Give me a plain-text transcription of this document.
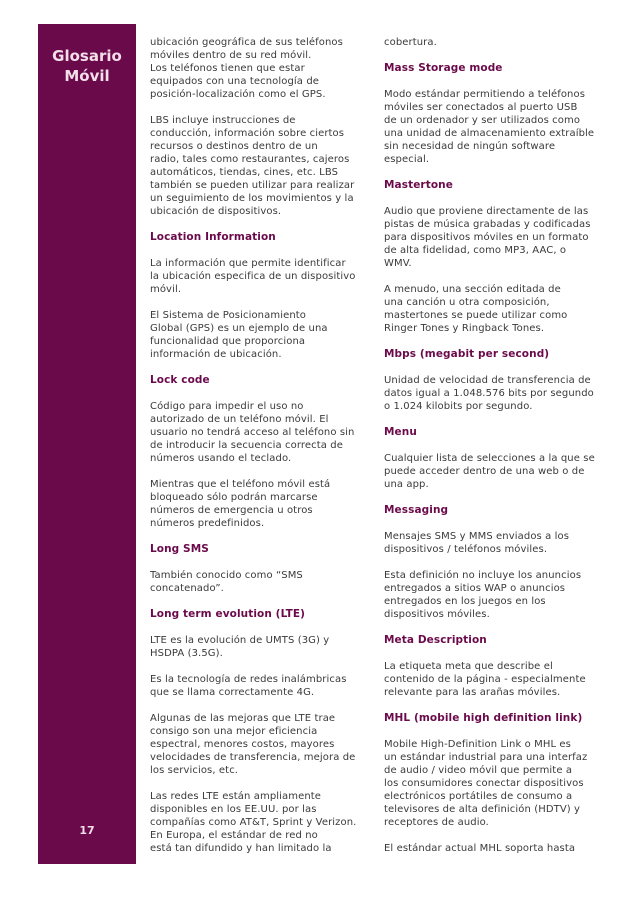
Glosario
Móvil
17

ubicación geográfica de sus teléfonos
móviles dentro de su red móvil.

Los teléfonos tienen que estar
equipados con una tecnología de
posición-localización como el GPS.

LBS incluye instrucciones de
conducción, información sobre ciertos
recursos o destinos dentro de un
radio, tales como restaurantes, cajeros
automáticos, tiendas, cines, etc. LBS
también se pueden utilizar para realizar
un seguimiento de los movimientos y la
ubicación de dispositivos.

Location Information

La información que permite identificar
la ubicación especifica de un dispositivo
móvil.

El Sistema de Posicionamiento
Global (GPS) es un ejemplo de una
funcionalidad que proporciona
información de ubicación.

Lock code

Código para impedir el uso no
autorizado de un teléfono móvil. El
usuario no tendrá acceso al teléfono sin
de introducir la secuencia correcta de
números usando el teclado.

Mientras que el teléfono móvil está
bloqueado sólo podrán marcarse
números de emergencia u otros
números predefinidos.

Long SMS

También conocido como “SMS
concatenado”.

Long term evolution (LTE)

LTE es la evolución de UMTS (3G) y
HSDPA (3.5G).

Es la tecnología de redes inalámbricas
que se llama correctamente 4G.

Algunas de las mejoras que LTE trae
consigo son una mejor eficiencia
espectral, menores costos, mayores
velocidades de transferencia, mejora de
los servicios, etc.

Las redes LTE están ampliamente
disponibles en los EE.UU. por las
compañías como AT&T, Sprint y Verizon.
En Europa, el estándar de red no
está tan difundido y han limitado la

cobertura.

Mass Storage mode

Modo estándar permitiendo a teléfonos
móviles ser conectados al puerto USB
de un ordenador y ser utilizados como
una unidad de almacenamiento extraíble
sin necesidad de ningún software
especial.

Mastertone

Audio que proviene directamente de las
pistas de música grabadas y codificadas
para dispositivos móviles en un formato
de alta fidelidad, como MP3, AAC, o
WMV.

A menudo, una sección editada de
una canción u otra composición,
mastertones se puede utilizar como
Ringer Tones y Ringback Tones.

Mbps (megabit per second)

Unidad de velocidad de transferencia de
datos igual a 1.048.576 bits por segundo
o 1.024 kilobits por segundo.

Menu

Cualquier lista de selecciones a la que se
puede acceder dentro de una web o de
una app.

Messaging

Mensajes SMS y MMS enviados a los
dispositivos / teléfonos móviles.

Esta definición no incluye los anuncios
entregados a sitios WAP o anuncios
entregados en los juegos en los
dispositivos móviles.

Meta Description

La etiqueta meta que describe el
contenido de la página - especialmente
relevante para las arañas móviles.

MHL (mobile high definition link)

Mobile High-Definition Link o MHL es
un estándar industrial para una interfaz
de audio / video móvil que permite a
los consumidores conectar dispositivos
electrónicos portátiles de consumo a
televisores de alta definición (HDTV) y
receptores de audio.

El estándar actual MHL soporta hasta
